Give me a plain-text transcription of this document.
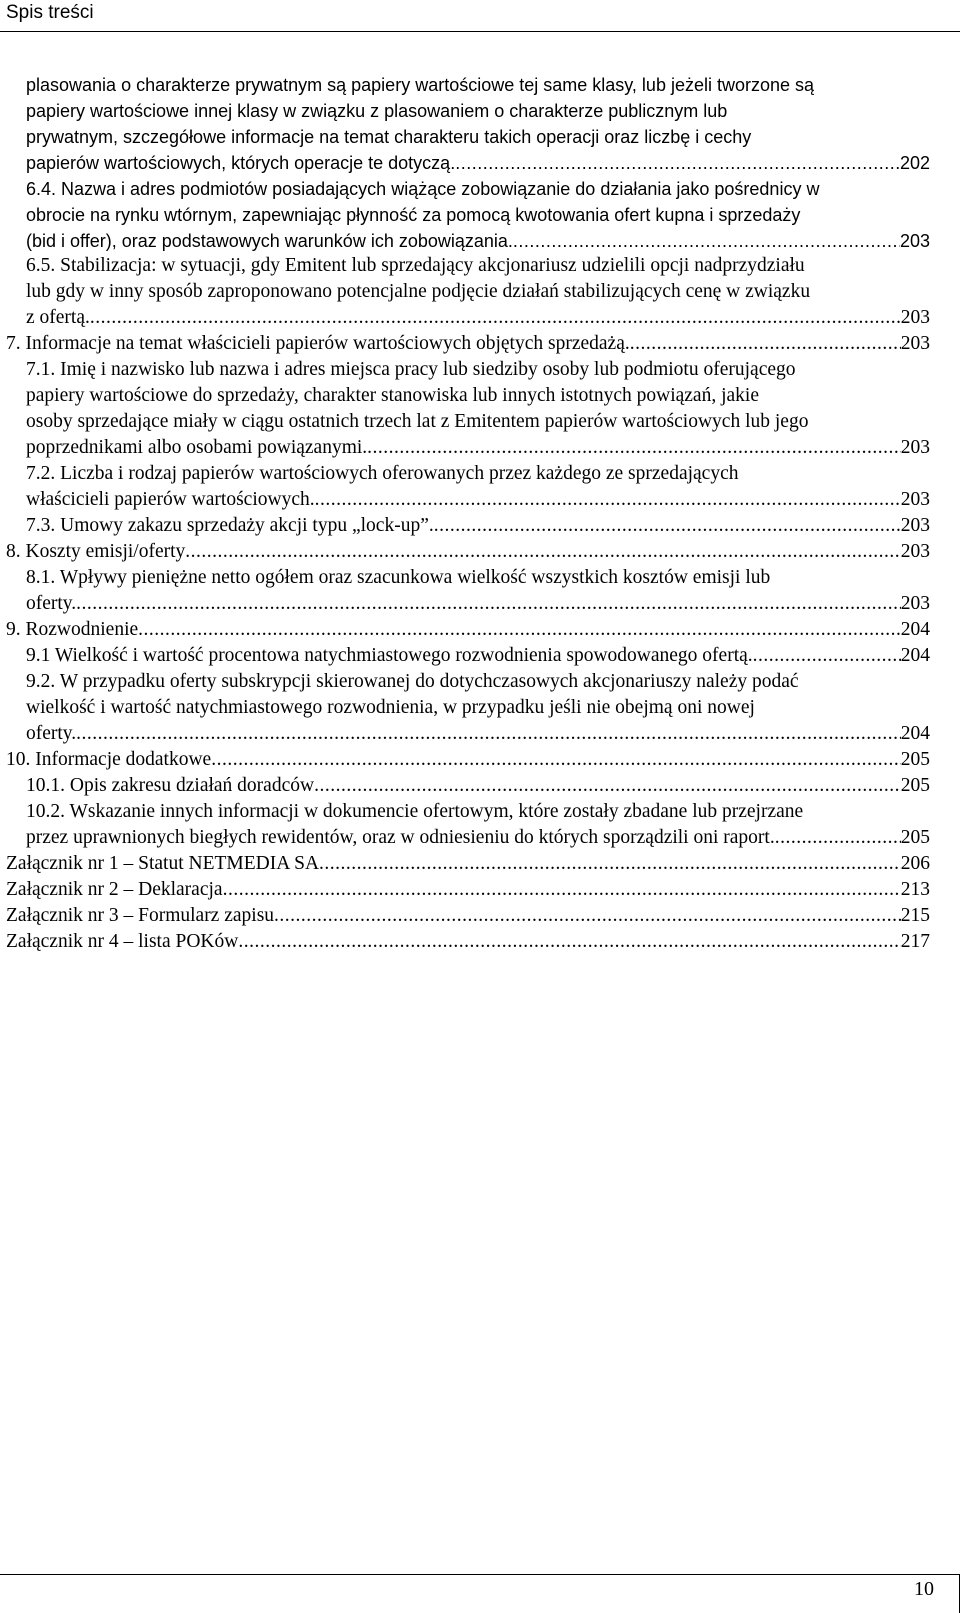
Spis treści
plasowania o charakterze prywatnym są papiery wartościowe tej same klasy, lub jeżeli tworzone są
papiery wartościowe innej klasy w związku z plasowaniem o charakterze publicznym lub
prywatnym, szczegółowe informacje na temat charakteru takich operacji oraz liczbę i cechy
papierów wartościowych, których operacje te dotyczą. .....	202
6.4. Nazwa i adres podmiotów posiadających wiążące zobowiązanie do działania jako pośrednicy w
obrocie na rynku wtórnym, zapewniając płynność za pomocą kwotowania ofert kupna i sprzedaży
(bid i offer), oraz podstawowych warunków ich zobowiązania. .....	203
6.5. Stabilizacja: w sytuacji, gdy Emitent lub sprzedający akcjonariusz udzielili opcji nadprzydziału
lub gdy w inny sposób zaproponowano potencjalne podjęcie działań stabilizujących cenę w związku
z ofertą. .....	203
7. Informacje na temat właścicieli papierów wartościowych objętych sprzedażą. .....	203
7.1. Imię i nazwisko lub nazwa i adres miejsca pracy lub siedziby osoby lub podmiotu oferującego
papiery wartościowe do sprzedaży, charakter stanowiska lub innych istotnych powiązań, jakie
osoby sprzedające miały w ciągu ostatnich trzech lat z Emitentem papierów wartościowych lub jego
poprzednikami albo osobami powiązanymi. .....	203
7.2. Liczba i rodzaj papierów wartościowych oferowanych przez każdego ze sprzedających
właścicieli papierów wartościowych. .....	203
7.3. Umowy zakazu sprzedaży akcji typu „lock-up”. .....	203
8. Koszty emisji/oferty .....	203
8.1. Wpływy pieniężne netto ogółem oraz szacunkowa wielkość wszystkich kosztów emisji lub
oferty. .....	203
9. Rozwodnienie .....	204
9.1 Wielkość i wartość procentowa natychmiastowego rozwodnienia spowodowanego ofertą. .....	204
9.2. W przypadku oferty subskrypcji skierowanej do dotychczasowych akcjonariuszy należy podać
wielkość i wartość natychmiastowego rozwodnienia, w przypadku jeśli nie obejmą oni nowej
oferty. .....	204
10. Informacje dodatkowe .....	205
10.1. Opis zakresu działań doradców .....	205
10.2. Wskazanie innych informacji w dokumencie ofertowym, które zostały zbadane lub przejrzane
przez uprawnionych biegłych rewidentów, oraz w odniesieniu do których sporządzili oni raport. .....	205
Załącznik nr 1 – Statut NETMEDIA SA .....	206
Załącznik nr 2 – Deklaracja .....	213
Załącznik nr 3 – Formularz zapisu .....	215
Załącznik nr 4 – lista POKów .....	217
10
